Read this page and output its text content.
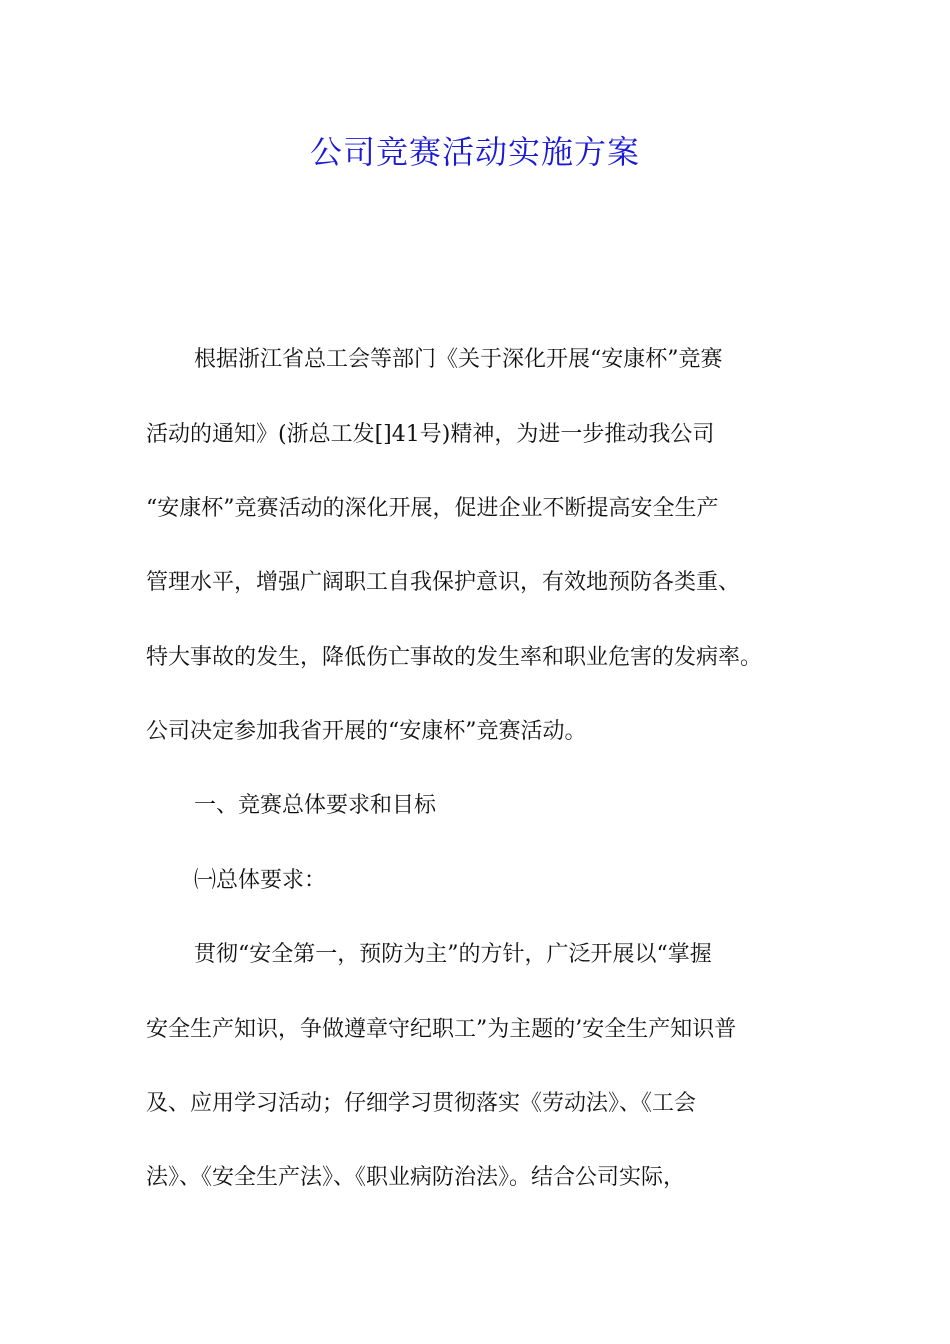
公司竞赛活动实施方案
根据浙江省总工会等部门《关于深化开展“安康杯”竞赛
活动的通知》(浙总工发[]41号)精神，为进一步推动我公司
“安康杯”竞赛活动的深化开展，促进企业不断提高安全生产
管理水平，增强广阔职工自我保护意识，有效地预防各类重、
特大事故的发生，降低伤亡事故的发生率和职业危害的发病率。
公司决定参加我省开展的“安康杯”竞赛活动。
一、竞赛总体要求和目标
㈠总体要求：
贯彻“安全第一，预防为主”的方针，广泛开展以“掌握
安全生产知识，争做遵章守纪职工”为主题的’安全生产知识普
及、应用学习活动；仔细学习贯彻落实《劳动法》、《工会
法》、《安全生产法》、《职业病防治法》。结合公司实际，
